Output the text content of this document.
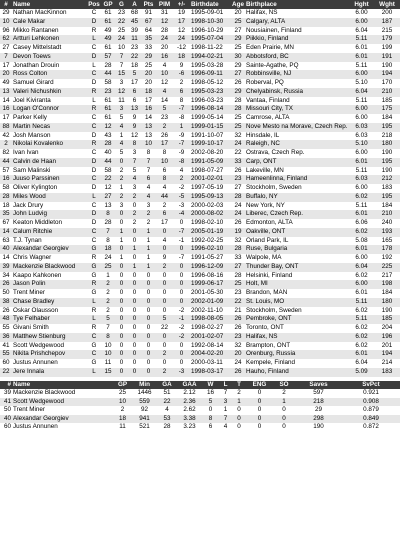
#	Name	Pos	GP	G	A	Pts	PIM	+/-	Birthdate	Age	Birthplace	Hght	Wght
29	Nathan MacKinnon	C	61	23	68	91	31	19	1995-09-01	20	Halifax, NS	6.00	200
10	Cale Makar	D	61	22	45	67	12	17	1998-10-30	25	Calgary, ALTA	6.00	187
96	Mikko Rantanen	R	49	25	39	64	28	12	1996-10-29	27	Nousiainen, Finland	6.04	215
62	Artturi Lehkonen	L	49	24	11	35	24	24	1995-07-04	29	Piikkio, Finland	5.11	179
27	Casey Mittelstadt	C	61	10	23	33	20	-12	1998-11-22	25	Eden Prairie, MN	6.01	199
7	Devon Toews	D	57	7	22	29	16	18	1994-02-21	30	Abbotsford, BC	6.01	191
17	Jonathan Drouin	L	28	7	18	25	4	9	1995-03-28	29	Sainte-Agathe, PQ	5.11	190
20	Ross Colton	C	44	15	5	20	10	-6	1996-09-11	27	Robbinsville, NJ	6.00	194
49	Samuel Girard	D	58	3	17	20	12	2	1998-05-12	26	Roberval, PQ	5.10	170
13	Valeri Nichushkin	R	23	12	6	18	4	6	1995-03-23	29	Chelyabinsk, Russia	6.04	210
14	Joel Kiviranta	L	61	11	6	17	14	8	1996-03-23	28	Vantaa, Finland	5.11	185
16	Logan O'Connor	R	61	3	13	16	5	-7	1996-08-14	28	Missouri City, TX	6.00	175
17	Parker Kelly	C	61	5	9	14	23	-8	1999-05-14	25	Camrose, ALTA	6.00	184
88	Martin Necas	C	12	4	9	13	2	1	1999-01-15	25	Nove Mesto na Morave, Czech Rep.	6.03	195
42	Josh Manson	D	43	1	12	13	26	-9	1991-10-07	32	Hinsdale, IL	6.03	218
2	Nikolai Kovalenko	R	28	4	8	10	17	-7	1999-10-17	24	Raleigh, NC	5.10	180
82	Ivan Ivan	C	40	5	3	8	8	-9	2002-08-20	22	Ostrava, Czech Rep.	6.00	190
44	Calvin de Haan	D	44	0	7	7	10	-8	1991-05-09	33	Carp, ONT	6.01	195
57	Sam Malinski	D	58	2	5	7	6	4	1998-07-27	26	Lakeville, MN	5.11	190
16	Juuso Parssinen	C	22	2	4	6	8	2	2001-02-01	23	Hameenlinna, Finland	6.03	212
58	Oliver Kylington	D	12	1	3	4	4	-2	1997-05-19	27	Stockholm, Sweden	6.00	183
28	Miles Wood	L	27	2	2	4	44	-5	1995-09-13	28	Buffalo, NY	6.02	195
18	Jack Drury	C	13	3	0	3	2	-3	2000-02-03	24	New York, NY	5.11	184
35	John Ludvig	D	8	0	2	2	6	-4	2000-08-02	24	Liberec, Czech Rep.	6.01	210
67	Keaton Middleton	D	28	0	2	2	17	0	1998-02-10	26	Edmonton, ALTA	6.06	240
14	Calum Ritchie	C	7	1	0	1	0	-7	2005-01-19	19	Oakville, ONT	6.02	193
63	T.J. Tynan	C	8	1	0	1	4	-1	1992-02-25	32	Orland Park, IL	5.08	165
40	Alexandar Georgiev	G	18	0	1	1	0	0	1996-02-10	28	Ruse, Bulgaria	6.01	178
14	Chris Wagner	R	24	1	0	1	9	-7	1991-05-27	33	Walpole, MA	6.00	192
39	Mackenzie Blackwood	G	25	0	1	1	2	0	1996-12-09	27	Thunder Bay, ONT	6.04	225
34	Kaapo Kahkonen	G	1	0	0	0	0	0	1996-08-16	28	Helsinki, Finland	6.02	217
26	Jason Polin	R	2	0	0	0	0	0	1999-06-17	25	Holt, MI	6.00	198
50	Trent Miner	G	2	0	0	0	0	0	2001-05-30	23	Brandon, MAN	6.01	184
38	Chase Bradley	L	2	0	0	0	0	0	2002-01-09	22	St. Louis, MO	5.11	180
26	Oskar Olausson	R	2	0	0	0	0	-2	2002-11-10	21	Stockholm, Sweden	6.02	190
48	Tye Felhaber	L	5	0	0	0	5	-1	1998-08-05	26	Pembroke, ONT	5.11	185
55	Givani Smith	R	7	0	0	0	22	-2	1998-02-27	26	Toronto, ONT	6.02	204
36	Matthew Stienburg	C	8	0	0	0	0	-2	2001-02-07	23	Halifax, NS	6.02	196
41	Scott Wedgewood	G	10	0	0	0	0	0	1992-08-14	32	Brampton, ONT	6.02	201
55	Nikita Prishchepov	C	10	0	0	0	2	0	2004-02-20	20	Orenburg, Russia	6.01	194
60	Justus Annunen	G	11	0	0	0	0	0	2000-03-11	24	Kempele, Finland	6.04	214
22	Jere Innala	L	15	0	0	0	2	-3	1998-03-17	26	Hauho, Finland	5.09	183
#	Name	GP	Min	GA	GAA	W	L	T	ENG	SO	Saves	SvPct
39	Mackenzie Blackwood	25	1446	51	2.12	16	7	2	0	2	597	0.921
41	Scott Wedgewood	10	559	22	2.36	5	3	1	0	1	218	0.908
50	Trent Miner	2	92	4	2.62	0	1	0	0	0	29	0.879
40	Alexandar Georgiev	18	941	53	3.38	8	7	0	0	0	298	0.849
60	Justus Annunen	11	521	28	3.23	6	4	0	0	0	190	0.872
